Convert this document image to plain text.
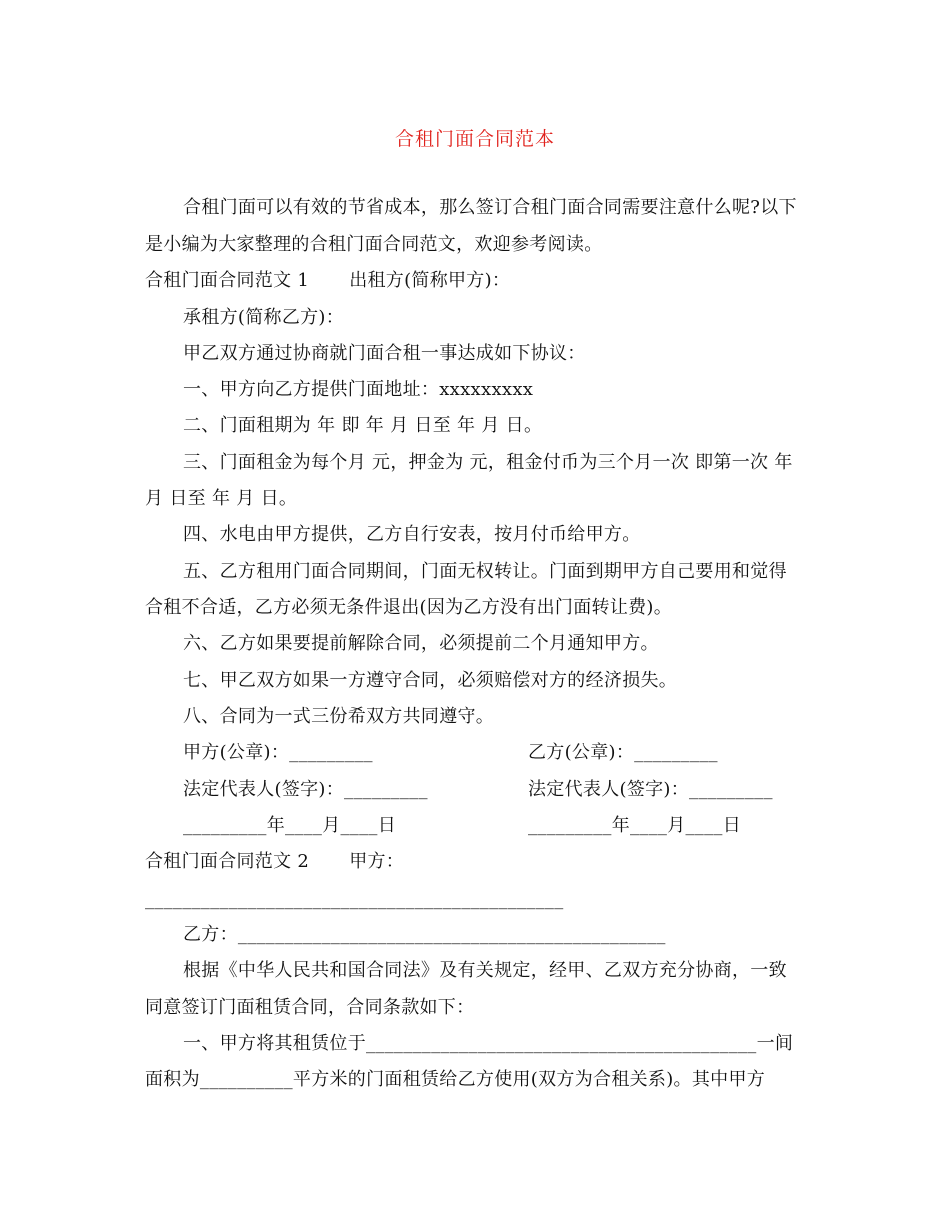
合租门面合同范本
合租门面可以有效的节省成本，那么签订合租门面合同需要注意什么呢?以下
是小编为大家整理的合租门面合同范文，欢迎参考阅读。
合租门面合同范文 1 出租方(简称甲方)：
承租方(简称乙方)：
甲乙双方通过协商就门面合租一事达成如下协议：
一、甲方向乙方提供门面地址：xxxxxxxxx
二、门面租期为 年 即 年 月 日至 年 月 日。
三、门面租金为每个月 元，押金为 元，租金付币为三个月一次 即第一次 年
月 日至 年 月 日。
四、水电由甲方提供，乙方自行安表，按月付币给甲方。
五、乙方租用门面合同期间，门面无权转让。门面到期甲方自己要用和觉得
合租不合适，乙方必须无条件退出(因为乙方没有出门面转让费)。
六、乙方如果要提前解除合同，必须提前二个月通知甲方。
七、甲乙双方如果一方遵守合同，必须赔偿对方的经济损失。
八、合同为一式三份希双方共同遵守。
甲方(公章)：_________	乙方(公章)：_________
法定代表人(签字)：_________	法定代表人(签字)：_________
_________年____月____日	_________年____月____日
合租门面合同范文 2 甲方：
_____________________________________________
乙方：______________________________________________
根据《中华人民共和国合同法》及有关规定，经甲、乙双方充分协商，一致
同意签订门面租赁合同，合同条款如下：
一、甲方将其租赁位于__________________________________________一间
面积为__________平方米的门面租赁给乙方使用(双方为合租关系)。其中甲方
